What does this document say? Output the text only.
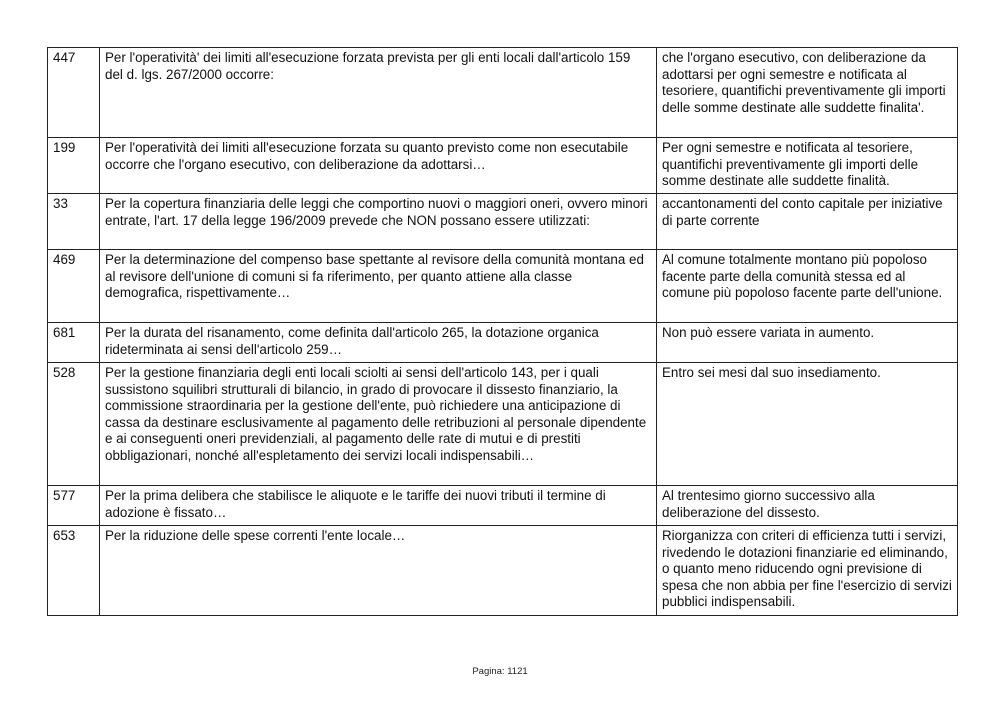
447	Per l'operatività' dei limiti all'esecuzione forzata prevista per gli enti locali dall'articolo 159 del d. lgs. 267/2000 occorre:	che l'organo esecutivo, con deliberazione da adottarsi per ogni semestre e notificata al tesoriere, quantifichi preventivamente gli importi delle somme destinate alle suddette finalita'.
199	Per l'operatività dei limiti all'esecuzione forzata su quanto previsto come non esecutabile occorre che l'organo esecutivo, con deliberazione da adottarsi…	Per ogni semestre e notificata al tesoriere, quantifichi preventivamente gli importi delle somme destinate alle suddette finalità.
33	Per la copertura finanziaria delle leggi che comportino nuovi o maggiori oneri, ovvero minori entrate, l'art. 17 della legge 196/2009 prevede che NON possano essere utilizzati:	accantonamenti del conto capitale per iniziative di parte corrente
469	Per la determinazione del compenso base spettante al revisore della comunità montana ed al revisore dell'unione di comuni si fa riferimento, per quanto attiene alla classe demografica, rispettivamente…	Al comune totalmente montano più popoloso facente parte della comunità stessa ed al comune più popoloso facente parte dell'unione.
681	Per la durata del risanamento, come definita dall'articolo 265, la dotazione organica rideterminata ai sensi dell'articolo 259…	Non può essere variata in aumento.
528	Per la gestione finanziaria degli enti locali sciolti ai sensi dell'articolo 143, per i quali sussistono squilibri strutturali di bilancio, in grado di provocare il dissesto finanziario, la commissione straordinaria per la gestione dell'ente, può richiedere una anticipazione di cassa da destinare esclusivamente al pagamento delle retribuzioni al personale dipendente e ai conseguenti oneri previdenziali, al pagamento delle rate di mutui e di prestiti obbligazionari, nonché all'espletamento dei servizi locali indispensabili…	Entro sei mesi dal suo insediamento.
577	Per la prima delibera che stabilisce le aliquote e le tariffe dei nuovi tributi il termine di adozione è fissato…	Al trentesimo giorno successivo alla deliberazione del dissesto.
653	Per la riduzione delle spese correnti l'ente locale…	Riorganizza con criteri di efficienza tutti i servizi, rivedendo le dotazioni finanziarie ed eliminando, o quanto meno riducendo ogni previsione di spesa che non abbia per fine l'esercizio di servizi pubblici indispensabili.
Pagina: 1121
